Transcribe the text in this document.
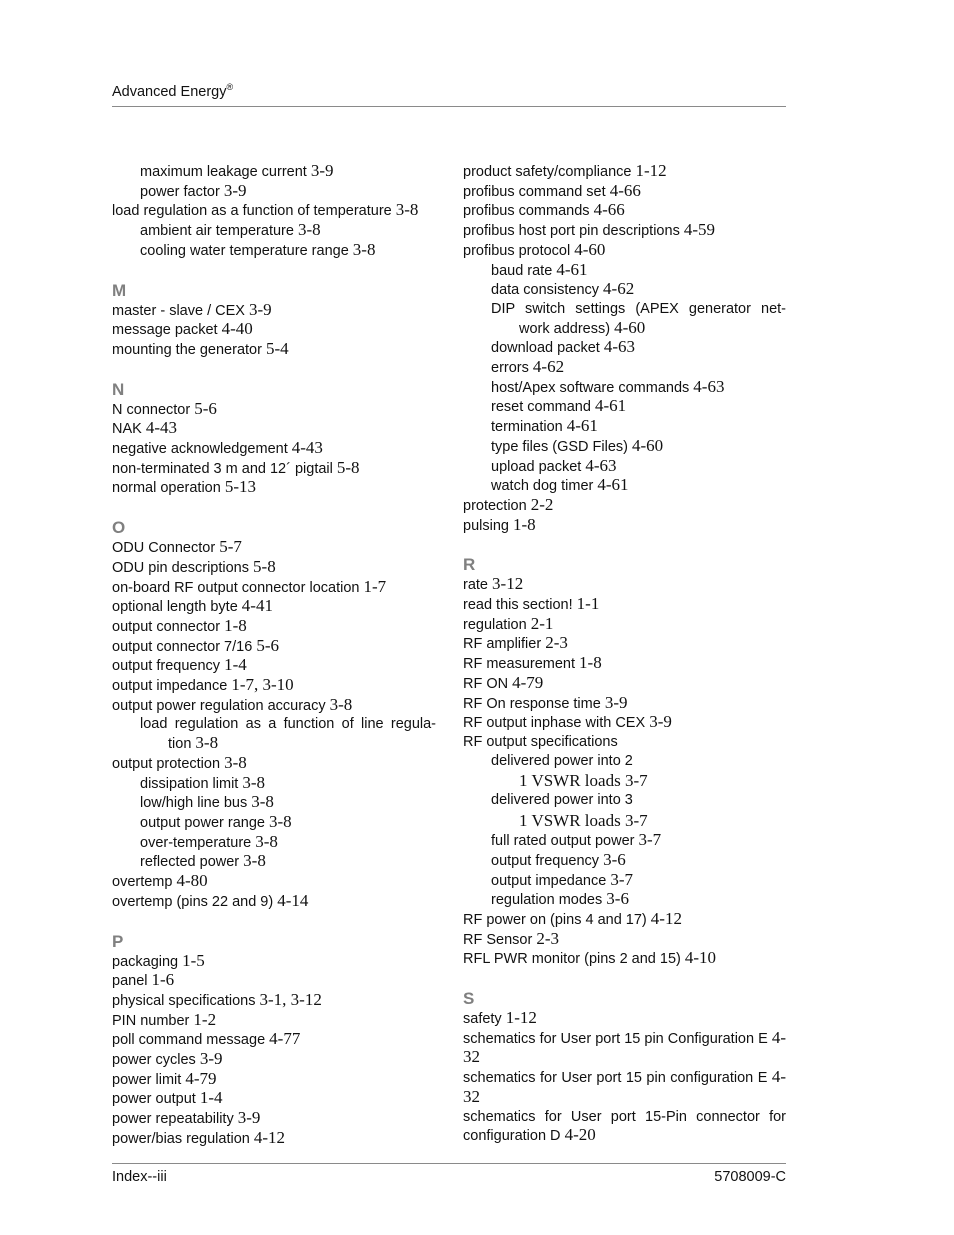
Advanced Energy®
maximum leakage current 3-9
power factor 3-9
load regulation as a function of temperature 3-8
ambient air temperature 3-8
cooling water temperature range 3-8
M
master - slave / CEX 3-9
message packet 4-40
mounting the generator 5-4
N
N connector 5-6
NAK 4-43
negative acknowledgement 4-43
non-terminated 3 m and 12´ pigtail 5-8
normal operation 5-13
O
ODU Connector 5-7
ODU pin descriptions 5-8
on-board RF output connector location 1-7
optional length byte 4-41
output connector 1-8
output connector 7/16 5-6
output frequency 1-4
output impedance 1-7, 3-10
output power regulation accuracy 3-8
load regulation as a function of line regula-tion 3-8
output protection 3-8
dissipation limit 3-8
low/high line bus 3-8
output power range 3-8
over-temperature 3-8
reflected power 3-8
overtemp 4-80
overtemp (pins 22 and 9) 4-14
P
packaging 1-5
panel 1-6
physical specifications 3-1, 3-12
PIN number 1-2
poll command message 4-77
power cycles 3-9
power limit 4-79
power output 1-4
power repeatability 3-9
power/bias regulation 4-12
product safety/compliance 1-12
profibus command set 4-66
profibus commands 4-66
profibus host port pin descriptions 4-59
profibus protocol 4-60
baud rate 4-61
data consistency 4-62
DIP switch settings (APEX generator net-work address) 4-60
download packet 4-63
errors 4-62
host/Apex software commands 4-63
reset command 4-61
termination 4-61
type files (GSD Files) 4-60
upload packet 4-63
watch dog timer 4-61
protection 2-2
pulsing 1-8
R
rate 3-12
read this section! 1-1
regulation 2-1
RF amplifier 2-3
RF measurement 1-8
RF ON 4-79
RF On response time 3-9
RF output inphase with CEX 3-9
RF output specifications
delivered power into 2
1 VSWR loads 3-7
delivered power into 3
1 VSWR loads 3-7
full rated output power 3-7
output frequency 3-6
output impedance 3-7
regulation modes 3-6
RF power on (pins 4 and 17) 4-12
RF Sensor 2-3
RFL PWR monitor (pins 2 and 15) 4-10
S
safety 1-12
schematics for User port 15 pin Configuration E 4-32
schematics for User port 15 pin configuration E 4-32
schematics for User port 15-Pin connector for configuration D 4-20
Index--iii	5708009-C
